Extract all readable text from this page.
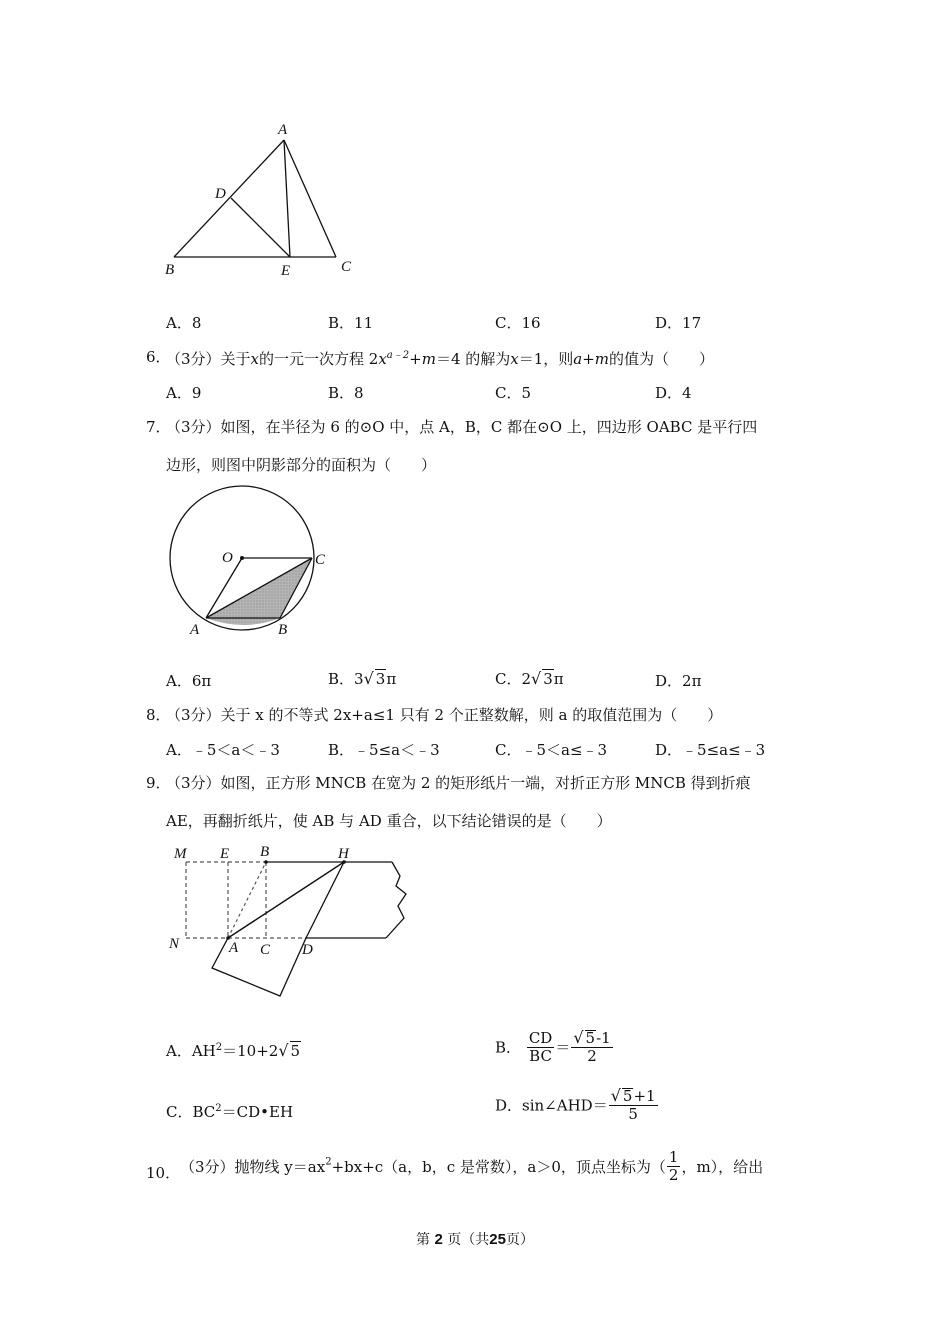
A
D
B	E	C
A．8	B．11	C．16	D．17
6．
（3分）关于x的一元一次方程 $2x^{a﹣2}+m=4$ 的解为x＝1，则a+m的值为（　　）
A．9	B．8	C．5	D．4
7．
（3分）如图，在半径为 6 的⊙O 中，点 A，B，C 都在⊙O 上，四边形 OABC 是平行四
边形，则图中阴影部分的面积为（　　）
O	C
A	B
A．6π	B．3√ 3π	C．2√ 3π	D．2π
8．
（3分）关于 x 的不等式 2x+a≤1 只有 2 个正整数解，则 a 的取值范围为（　　）
A．﹣5＜a＜﹣3	B．﹣5≤a＜﹣3	C．﹣5＜a≤﹣3	D．﹣5≤a≤﹣3
9．
（3分）如图，正方形 MNCB 在宽为 2 的矩形纸片一端，对折正方形 MNCB 得到折痕
AE，再翻折纸片，使 AB 与 AD 重合，以下结论错误的是（　　）
M E B	H
N	A C D
A．$AH^2=10+2√$ 5	B． $\frac{CD}{BC} = \frac{√ 5-1}{2}$
C．$BC^2=CD•EH$	D．sin∠AHD＝ $\frac{√ 5+1}{5}$
10． （3分）抛物线 $y=ax^2+bx+c(a$，b，c 是常数），a＞0，顶点坐标为（ $\frac{1}{2}$ ，m），给出
第 2 页（共25页）
